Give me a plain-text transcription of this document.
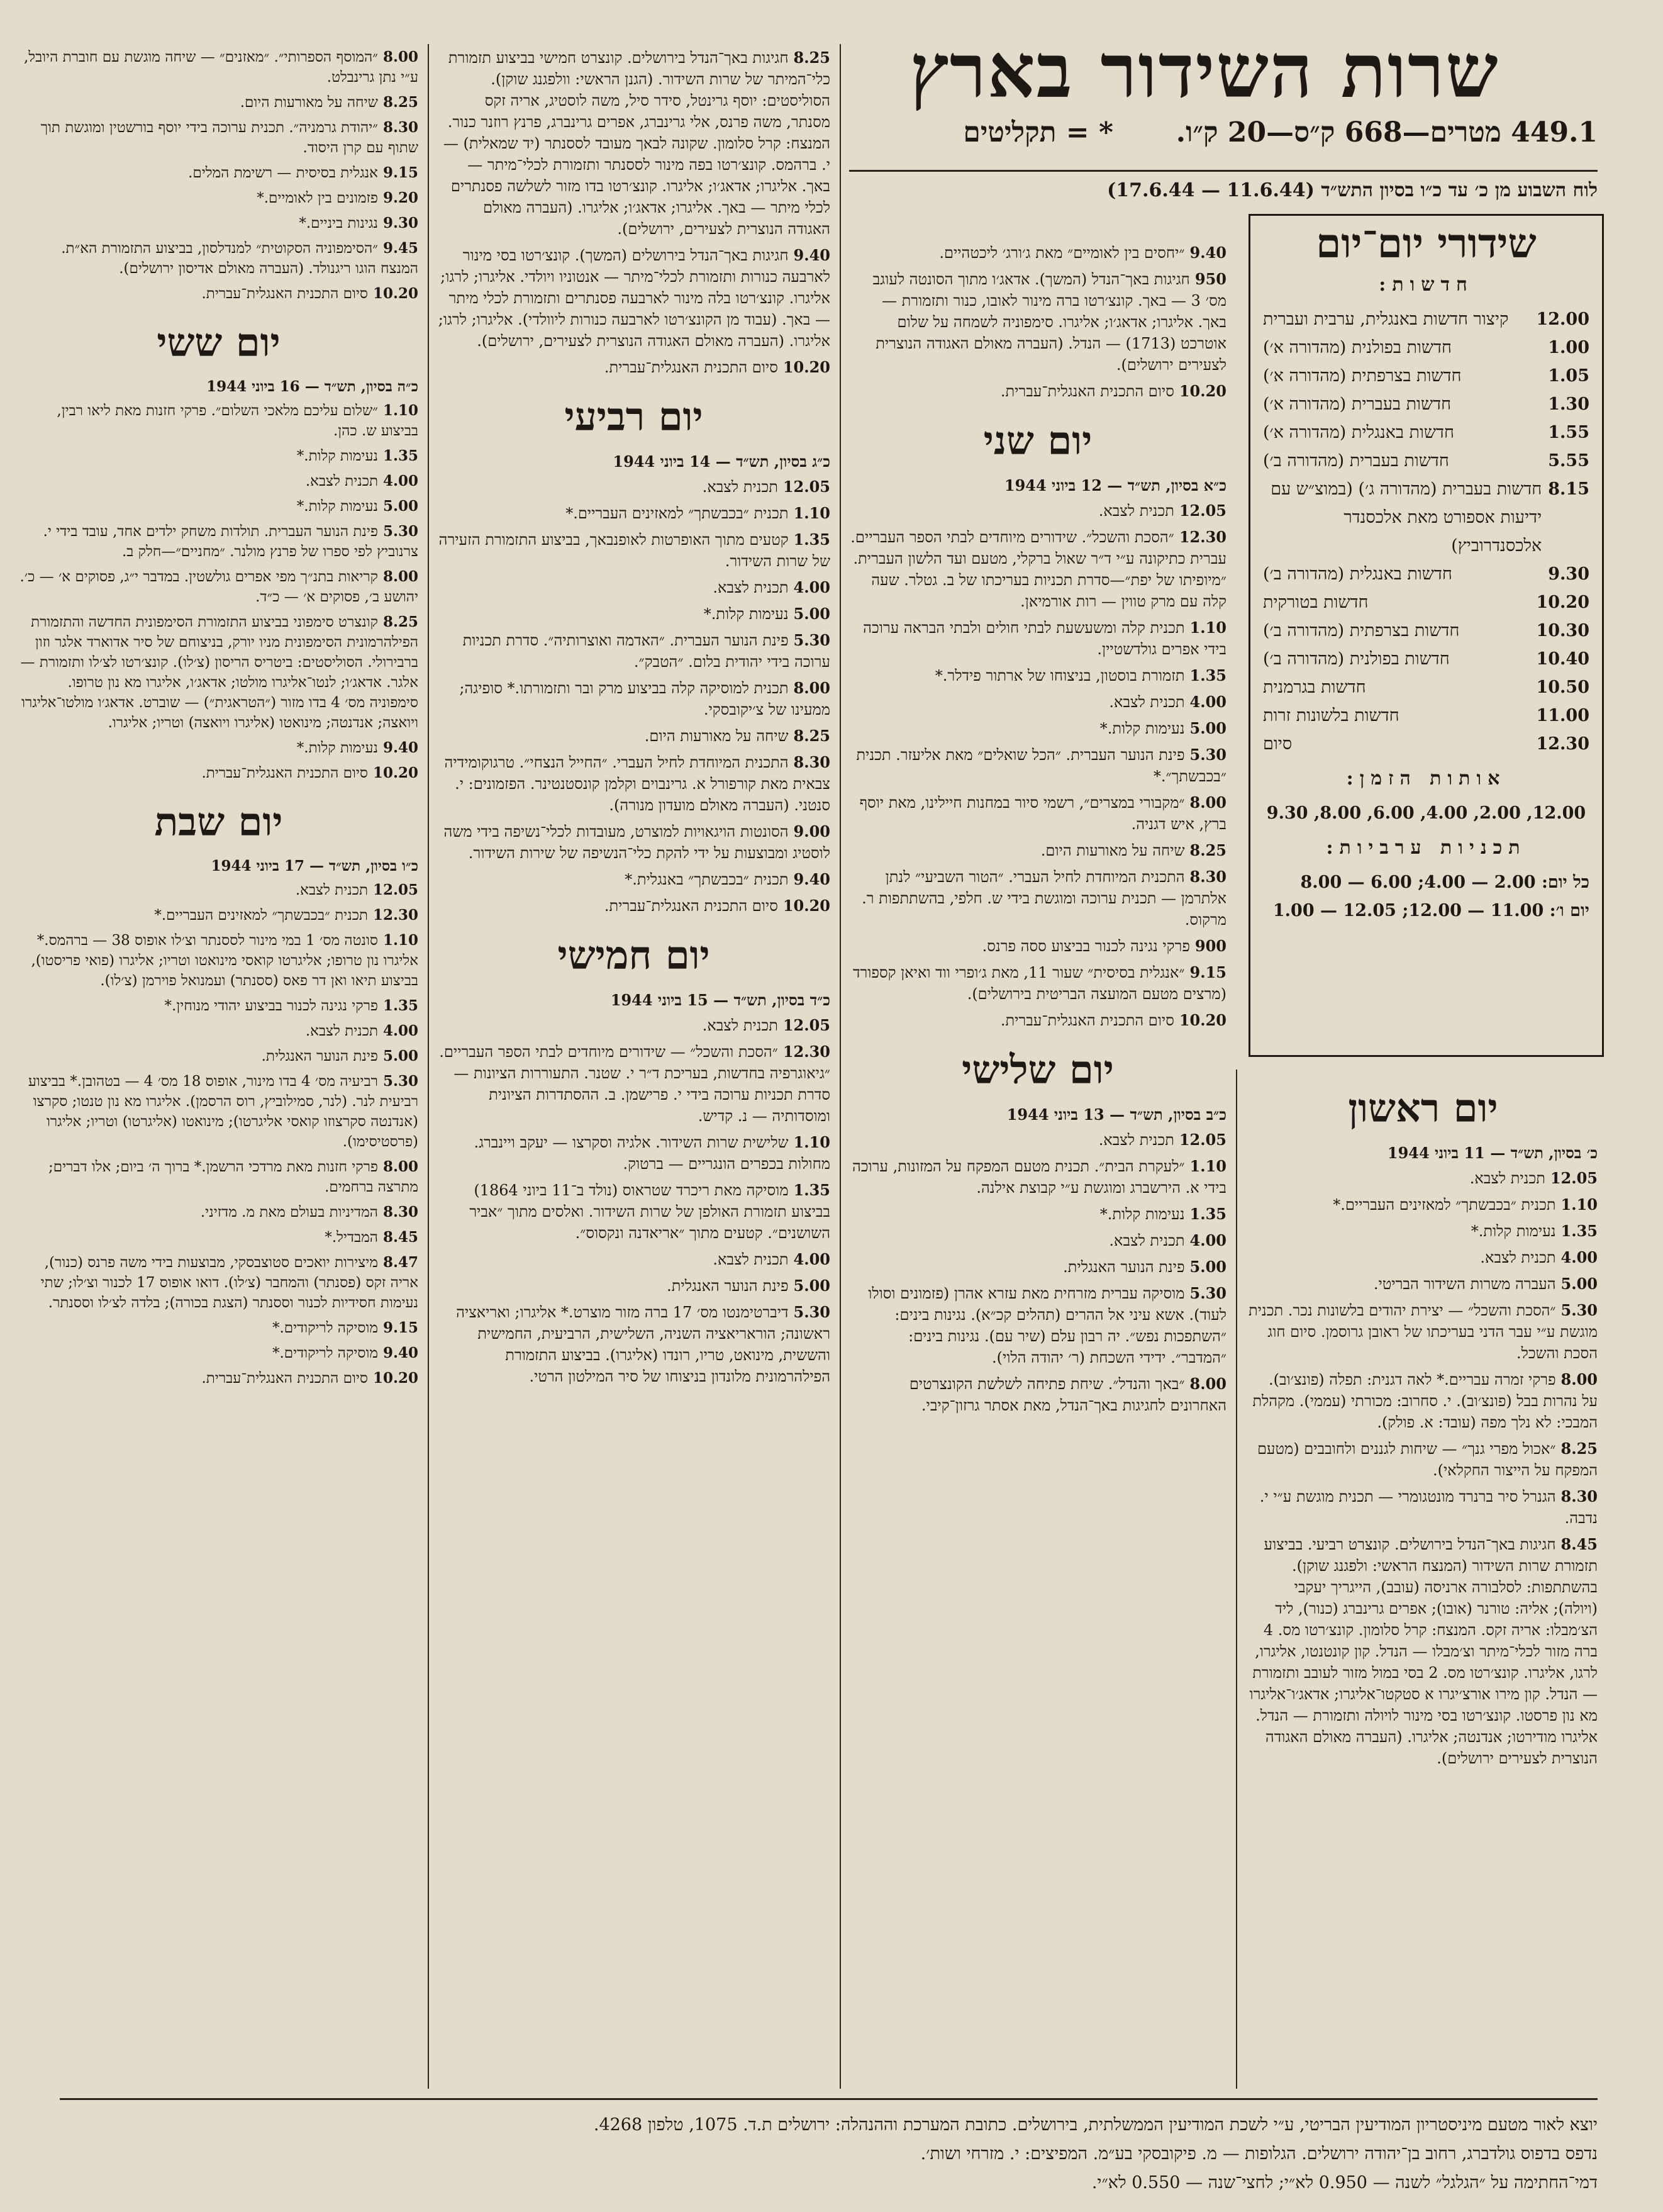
שרות השידור בארץ
449.1 מטרים—668 ק״ס—20 ק״ו.
* = תקליטים
לוח השבוע מן כ׳ עד כ״ו בסיון התש״ד (11.6.44 — 17.6.44)
שידורי יום־יום
חדשות:
12.00
קיצור חדשות באנגלית, ערבית ועברית
1.00
חדשות בפולנית (מהדורה א׳)
1.05
חדשות בצרפתית (מהדורה א׳)
1.30
חדשות בעברית (מהדורה א׳)
1.55
חדשות באנגלית (מהדורה א׳)
5.55
חדשות בעברית (מהדורה ב׳)
8.15
חדשות בעברית (מהדורה ג׳) (במוצ״ש עם ידיעות אספורט מאת אלכסנדר אלכסנדרוביץ)
9.30
חדשות באנגלית (מהדורה ב׳)
10.20
חדשות בטורקית
10.30
חדשות בצרפתית (מהדורה ב׳)
10.40
חדשות בפולנית (מהדורה ב׳)
10.50
חדשות בגרמנית
11.00
חדשות בלשונות זרות
12.30
סיום
אותות הזמן:
12.00, 2.00, 4.00, 6.00, 8.00, 9.30
תכניות ערביות:
כל יום: 2.00 — 4.00; 6.00 — 8.00
יום ו׳: 11.00 — 12.00; 12.05 — 1.00
יום ראשון
כ׳ בסיון, תש״ד — 11 ביוני 1944
12.05תכנית לצבא.
1.10תכנית ״בכבשתך״ למאזינים העבריים.*
1.35נעימות קלות.*
4.00תכנית לצבא.
5.00העברה משרות השידור הבריטי.
5.30״הסכת והשכל״ — יצירת יהודים בלשונות נכר. תכנית מוגשת ע״י עבר הדני בעריכתו של ראובן גרוסמן. סיום חוג הסכת והשכל.
8.00פרקי זמרה עבריים.* לאה דגנית: תפלה (פונצ׳וב). על נהרות בבל (פונצ׳וב). י. סחרוב: מכורתי (עממי). מקהלת המבכי: לא נלך מפה (עובד: א. פולק).
8.25״אכול מפרי גנך״ — שיחות לגננים ולחובבים (מטעם המפקח על הייצור החקלאי).
8.30הגנרל סיר ברנרד מונטגומרי — תכנית מוגשת ע״י י. נדבה.
8.45חגיגות באך־הנדל בירושלים. קונצרט רביעי. בביצוע תזמורת שרות השידור (המנצח הראשי: ולפגנג שוקן). בהשתתפות: לסלבורה ארניסה (עובב), הייגריך יעקבי (ויולה); אליה: טורנר (אובו); אפרים גרינברג (כנור), ליד הצ׳מבלו: אריה זקס. המנצח: קרל סלומון. קונצ׳רטו מס. 4 ברה מזור לכלי־מיתר וצ׳מבלו — הנדל. קון קונטנטו, אליגרו, לרגו, אליגרו. קונצ׳רטו מס. 2 בסי במול מזור לעובב ותזמורת — הנדל. קון מירו אורצ׳יגרו א סטקטו־אליגרו; אדאג׳ו־אליגרו מא נון פרסטו. קונצ׳רטו בסי מינור לויולה ותזמורת — הנדל. אליגרו מודירטו; אנדנטה; אליגרו. (העברה מאולם האגודה הנוצרית לצעירים ירושלים).
9.40״יחסים בין לאומיים״ מאת ג׳ורג׳ ליכטהיים.
950חגיגות באך־הנדל (המשך). אדאג׳ו מתוך הסונטה לעוגב מס׳ 3 — באך. קונצ׳רטו ברה מינור לאובו, כנור ותזמורת — באך. אליגרו; אדאג׳ו; אליגרו. סימפוניה לשמחה על שלום אוטרכט (1713) — הנדל. (העברה מאולם האגודה הנוצרית לצעירים ירושלים).
10.20סיום התכנית האנגלית־עברית.
יום שני
כ״א בסיון, תש״ד — 12 ביוני 1944
12.05תכנית לצבא.
12.30״הסכת והשכל״. שידורים מיוחדים לבתי הספר העבריים. עברית כתיקונה ע״י ד״ר שאול ברקלי, מטעם ועד הלשון העברית. ״מיופיתו של יפת״—סדרת תכניות בעריכתו של ב. גטלר. שעה קלה עם מרק טווין — רות אורמיאן.
1.10תכנית קלה ומשעשעת לבתי חולים ולבתי הבראה ערוכה בידי אפרים גולדשטיין.
1.35תזמורת בוסטון, בניצוחו של ארתור פידלר.*
4.00תכנית לצבא.
5.00נעימות קלות.*
5.30פינת הנוער העברית. ״הכל שואלים״ מאת אליעזר. תכנית ״בכבשתך״.*
8.00״מקבורי במצרים״, רשמי סיור במחנות חיילינו, מאת יוסף ברץ, איש דגניה.
8.25שיחה על מאורעות היום.
8.30התכנית המיוחדת לחיל העברי. ״הטור השביעי״ לנתן אלתרמן — תכנית ערוכה ומוגשת בידי ש. חלפי, בהשתתפות ר. מרקוס.
900פרקי נגינה לכנור בביצוע ססה פרנס.
9.15״אנגלית בסיסית״ שעור 11, מאת ג׳ופרי ווד ואיאן קספורד (מרצים מטעם המועצה הבריטית בירושלים).
10.20סיום התכנית האנגלית־עברית.
יום שלישי
כ״ב בסיון, תש״ד — 13 ביוני 1944
12.05תכנית לצבא.
1.10״לעקרת הבית״. תכנית מטעם המפקח על המזונות, ערוכה בידי א. הירשברג ומוגשת ע״י קבוצת אילנה.
1.35נעימות קלות.*
4.00תכנית לצבא.
5.00פינת הנוער האנגלית.
5.30מוסיקה עברית מזרחית מאת עזרא אהרן (פזמונים וסולו לעוד). אשא עיני אל ההרים (תהלים קכ״א). נגינות בינים: ״השתפכות נפש״. יה רבון עלם (שיר עם). נגינות בינים: ״המדבר״. ידידי השכחת (ר׳ יהודה הלוי).
8.00״באך והנדל״. שיחת פתיחה לשלשת הקונצרטים האחרונים לחגיגות באך־הנדל, מאת אסתר גרזון־קיבי.
8.25חגיגות באך־הנדל בירושלים. קונצרט חמישי בביצוע תזמורת כלי־המיתר של שרות השידור. (הגנן הראשי: וולפגנג שוקן). הסוליסטים: יוסף גרינטל, סידר סיל, משה לוסטיג, אריה זקס מסנתר, משה פרנס, אלי גרינברג, אפרים גרינברג, פרנץ רוזנר כנור. המנצח: קרל סלומון. שקונה לבאך מעובד לססנתר (יד שמאלית) — י. ברהמס. קונצ׳רטו בפה מינור לססנתר ותזמורת לכלי־מיתר — באך. אליגרו; אדאג׳ו; אליגרו. קונצ׳רטו בדו מזור לשלשה פסנתרים לכלי מיתר — באך. אליגרו; אדאג׳ו; אליגרו. (העברה מאולם האגודה הנוצרית לצעירים, ירושלים).
9.40חגיגות באך־הנדל בירושלים (המשך). קונצ׳רטו בסי מינור לארבעה כנורות ותזמורת לכלי־מיתר — אנטוניו ויולדי. אליגרו; לרגו; אליגרו. קונצ׳רטו בלה מינור לארבעה פסנתרים ותזמורת לכלי מיתר — באך. (עבוד מן הקונצ׳רטו לארבעה כנורות ליוולדי). אליגרו; לרגו; אליגרו. (העברה מאולם האגודה הנוצרית לצעירים, ירושלים).
10.20סיום התכנית האנגלית־עברית.
יום רביעי
כ״ג בסיון, תש״ד — 14 ביוני 1944
12.05תכנית לצבא.
1.10תכנית ״בכבשתך״ למאזינים העבריים.*
1.35קטעים מתוך האופרטות לאופנבאך, בביצוע התזמורת הזעירה של שרות השידור.
4.00תכנית לצבא.
5.00נעימות קלות.*
5.30פינת הנוער העברית. ״האדמה ואוצרותיה״. סדרת תכניות ערוכה בידי יהודית בלום. ״הטבק״.
8.00תכנית למוסיקה קלה בביצוע מרק ובר ותזמורתו.* סופיגה; ממעינו של צ׳יקובסקי.
8.25שיחה על מאורעות היום.
8.30התכנית המיוחדת לחיל העברי. ״החייל הנצחי״. טרגוקומידיה צבאית מאת קורפורל א. גרינבוים וקלמן קונסטנטינר. הפזמונים: י. סנטני. (העברה מאולם מועדון מנורה).
9.00הסונטות הויגאויות למוצרט, מעובדות לכלי־נשיפה בידי משה לוסטיג ומבוצעות על ידי להקת כלי־הנשיפה של שירות השידור.
9.40תכנית ״בכבשתך״ באנגלית.*
10.20סיום התכנית האנגלית־עברית.
יום חמישי
כ״ד בסיון, תש״ד — 15 ביוני 1944
12.05תכנית לצבא.
12.30״הסכת והשכל״ — שידורים מיוחדים לבתי הספר העבריים. ״גיאוגרפיה בחדשות, בעריכת ד״ר י. שטנר. התעוררות הציונות — סדרת תכניות ערוכה בידי י. פרישמן. ב. ההסתדרות הציונית ומוסדותיה — נ. קדיש.
1.10שלישית שרות השידור. אלגיה וסקרצו — יעקב ויינברג. מחולות בכפרים הונגריים — ברטוק.
1.35מוסיקה מאת ריכרד שטראוס (נולד ב־11 ביוני 1864) בביצוע תזמורת האולפן של שרות השידור. ואלסים מתוך ״אביר השושנים״. קטעים מתוך ״אריאדנה ונקסוס״.
4.00תכנית לצבא.
5.00פינת הנוער האנגלית.
5.30דיברטימנטו מס׳ 17 ברה מזור מוצרט.* אליגרו; ואריאציה ראשונה; הוראריאציה השניה, השלישית, הרביעית, החמישית והששית, מינואט, טריו, רונדו (אליגרו). בביצוע התזמורת הפילהרמונית מלונדון בניצוחו של סיר המילטון הרטי.
8.00״המוסף הספרותי״. ״מאזנים״ — שיחה מוגשת עם חוברת היובל, ע״י נתן גרינבלט.
8.25שיחה על מאורעות היום.
8.30״יהודת גרמניה״. תכנית ערוכה בידי יוסף בורשטין ומוגשת תוך שתוף עם קרן היסוד.
9.15אנגלית בסיסית — רשימת המלים.
9.20פזמונים בין לאומיים.*
9.30נגינות ביניים.*
9.45״הסימפוניה הסקוטית״ למנדלסון, בביצוע התזמורת הא״ת. המנצח הוגו ריגנולד. (העברה מאולם אדיסון ירושלים).
10.20סיום התכנית האנגלית־עברית.
יום ששי
כ״ה בסיון, תש״ד — 16 ביוני 1944
1.10״שלום עליכם מלאכי השלום״. פרקי חזנות מאת ליאו רבין, בביצוע ש. כהן.
1.35נעימות קלות.*
4.00תכנית לצבא.
5.00נעימות קלות.*
5.30פינת הנוער העברית. תולדות משחק ילדים אחד, עובד בידי י. צרנוביץ לפי ספרו של פרנץ מולנר. ״מחניים״—חלק ב.
8.00קריאות בתנ״ך מפי אפרים גולשטין. במדבר י״ג, פסוקים א׳ — כ׳. יהושע ב׳, פסוקים א׳ — כ״ד.
8.25קונצרט סימפוני בביצוע התזמורת הסימפונית החדשה והתזמורת הפילהרמונית הסימפונית מניו יורק, בניצוחם של סיר אדוארד אלגר וזון ברבירולי. הסוליסטים: ביטריס הריסון (צ׳לו). קונצ׳רטו לצ׳לו ותזמורת — אלגר. אדאג׳ו; לנטו־אליגרו מולטו; אדאג׳ו, אליגרו מא נון טרופו. סימפוניה מס׳ 4 בדו מזור (״הטראגית״) — שוברט. אדאג׳ו מולטו־אליגרו ויואצה; אנדנטה; מינואטו (אליגרו ויואצה) וטריו; אליגרו.
9.40נעימות קלות.*
10.20סיום התכנית האנגלית־עברית.
יום שבת
כ״ו בסיון, תש״ד — 17 ביוני 1944
12.05תכנית לצבא.
12.30תכנית ״בכבשתך״ למאזינים העבריים.*
1.10סונטה מס׳ 1 במי מינור לססנתר וצ׳לו אופוס 38 — ברהמס.* אליגרו נון טרופו; אליגרטו קואסי מינואטו וטריו; אליגרו (פואי פריסטו), בביצוע תיאו ואן דר פאס (ססנתר) ועמנואל פוירמן (צ׳לו).
1.35פרקי נגינה לכנור בביצוע יהודי מנוחין.*
4.00תכנית לצבא.
5.00פינת הנוער האנגלית.
5.30רביעיה מס׳ 4 בדו מינור, אופוס 18 מס׳ 4 — בטהובן.* בביצוע רביעית לנר. (לנר, סמילוביץ, רוס הרסמן). אליגרו מא נון טנטו; סקרצו (אנדנטה סקרצוזו קואסי אליגרטו); מינואטו (אליגרטו) וטריו; אליגרו (פרסטיסימו).
8.00פרקי חזנות מאת מרדכי הרשמן.* ברוך ה׳ ביום; אלו דברים; מתרצה ברחמים.
8.30המדיניות בעולם מאת מ. מדזיני.
8.45המבדיל.*
8.47מיצירות יואכים סטוצבסקי, מבוצעות בידי משה פרנס (כנור), אריה זקס (פסנתר) והמחבר (צ׳לו). דואו אופוס 17 לכנור וצ׳לו; שתי נעימות חסידיות לכנור וססנתר (הצגת בכורה); בלדה לצ׳לו וססנתר.
9.15מוסיקה לריקודים.*
9.40מוסיקה לריקודים.*
10.20סיום התכנית האנגלית־עברית.
יוצא לאור מטעם מיניסטריון המודיעין הבריטי, ע״י לשכת המודיעין הממשלתית, בירושלים. כתובת המערכת וההנהלה: ירושלים ת.ד. 1075, טלפון 4268.
נדפס בדפוס גולדברג, רחוב בן־יהודה ירושלים. הגלופות — מ. פיקובסקי בע״מ. המפיצים: י. מזרחי ושות׳.
דמי־החתימה על ״הגלגל״ לשנה — 0.950 לא״י; לחצי־שנה — 0.550 לא״י.
